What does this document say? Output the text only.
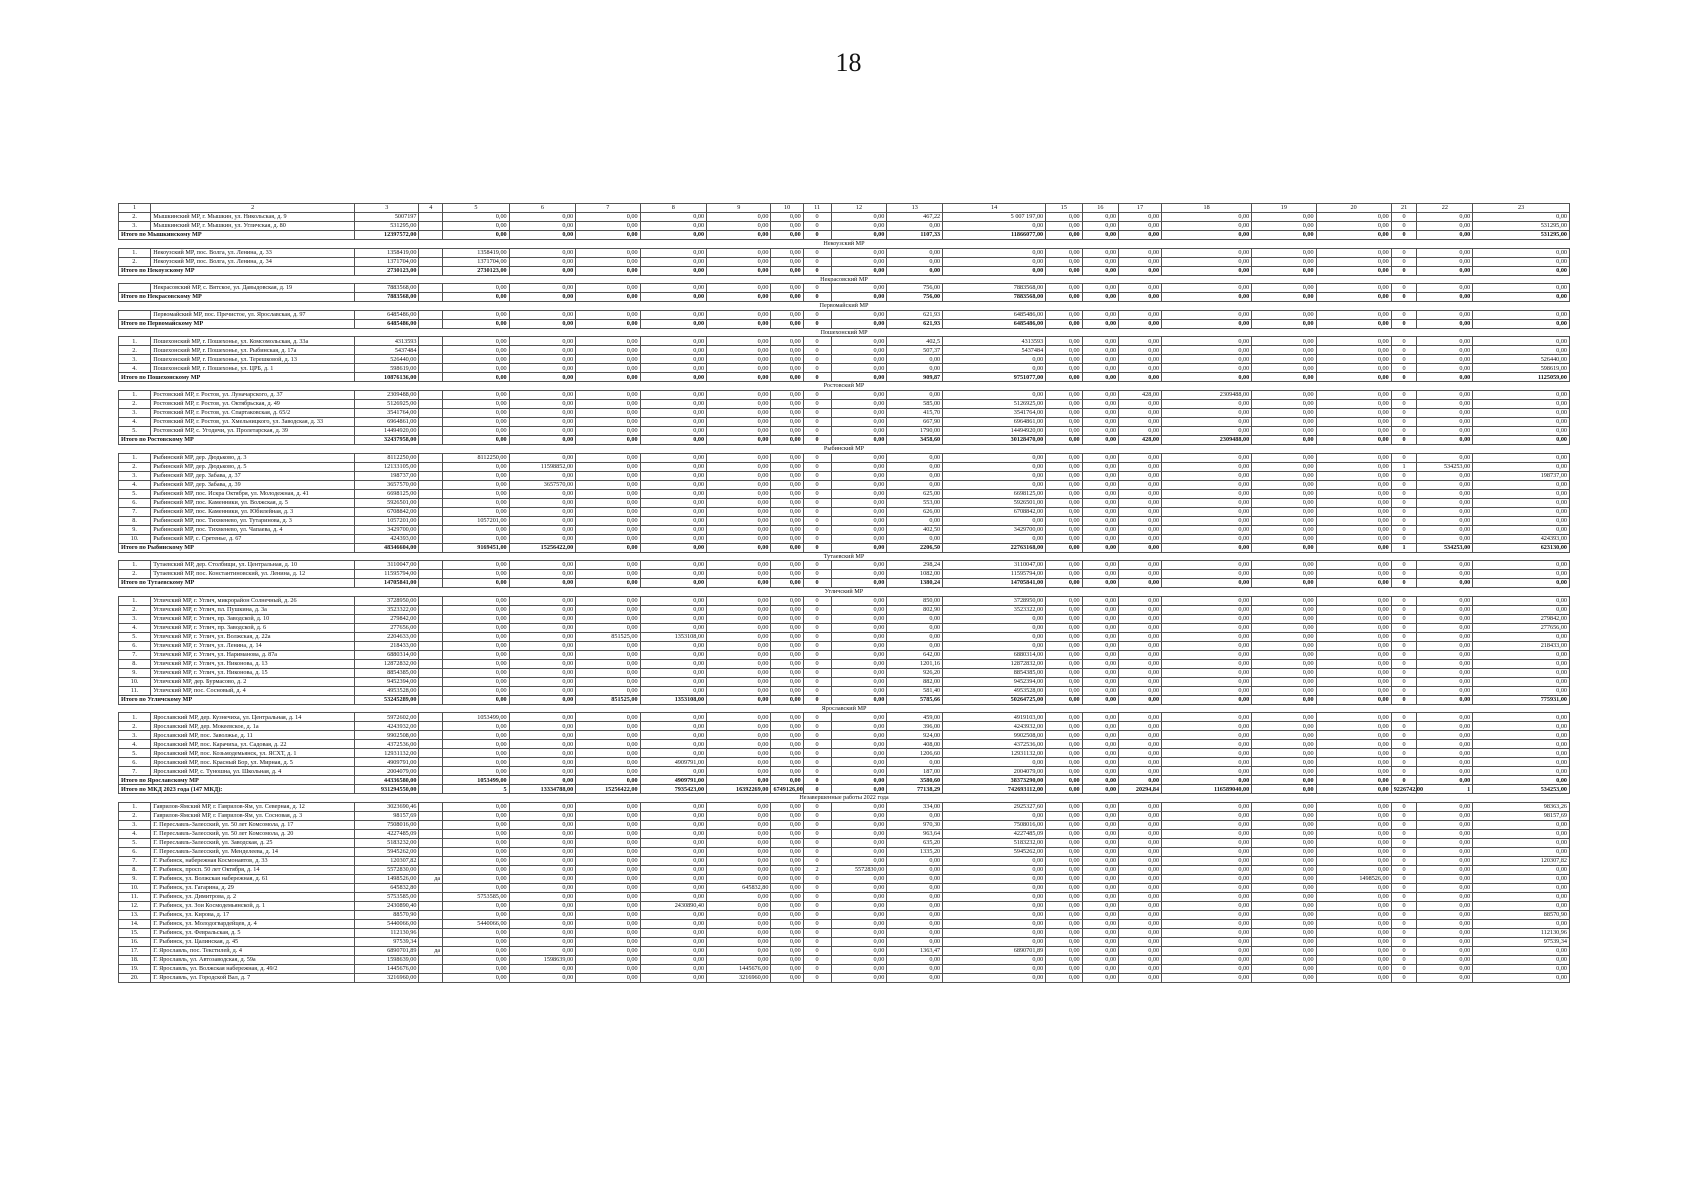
18
1	2	3	4	5	6	7	8	9	10	11	12	13	14	15	16	17	18	19	20	21	22	23
2.	Мышкинский МР, г. Мышкин, ул. Никольская, д. 9	5007197		0,00	0,00	0,00	0,00	0,00	0,00	0	0,00	467,22	5 007 197,00	0,00	0,00	0,00	0,00	0,00	0,00	0	0,00	0,00
3.	Мышкинский МР, г. Мышкин, ул. Угличская, д. 80	531295,00		0,00	0,00	0,00	0,00	0,00	0,00	0	0,00	0,00	0,00	0,00	0,00	0,00	0,00	0,00	0,00	0	0,00	531295,00
Итого по Мышкинскому МР		12397572,00		0,00	0,00	0,00	0,00	0,00	0,00	0	0,00	1107,33	11866077,00	0,00	0,00	0,00	0,00	0,00	0,00	0	0,00	531295,00
Некоузский МР																						
1.	Некоузский МР, пос. Волга, ул. Ленина, д. 33	1358419,00		1358419,00	0,00	0,00	0,00	0,00	0,00	0	0,00	0,00	0,00	0,00	0,00	0,00	0,00	0,00	0,00	0	0,00	0,00
2.	Некоузский МР, пос. Волга, ул. Ленина, д. 34	1371704,00		1371704,00	0,00	0,00	0,00	0,00	0,00	0	0,00	0,00	0,00	0,00	0,00	0,00	0,00	0,00	0,00	0	0,00	0,00
Итого по Некоузскому МР		2730123,00		2730123,00	0,00	0,00	0,00	0,00	0,00	0	0,00	0,00	0,00	0,00	0,00	0,00	0,00	0,00	0,00	0	0,00	0,00
Некрасовский МР																						
	Некрасовский МР, с. Вятское, ул. Давыдовская, д. 19	7883568,00		0,00	0,00	0,00	0,00	0,00	0,00	0	0,00	756,00	7883568,00	0,00	0,00	0,00	0,00	0,00	0,00	0	0,00	0,00
Итого по Некрасовскому МР		7883568,00		0,00	0,00	0,00	0,00	0,00	0,00	0	0,00	756,00	7883568,00	0,00	0,00	0,00	0,00	0,00	0,00	0	0,00	0,00
Первомайский МР																						
	Первомайский МР, пос. Пречистое, ул. Ярославская, д. 97	6485486,00		0,00	0,00	0,00	0,00	0,00	0,00	0	0,00	621,93	6485486,00	0,00	0,00	0,00	0,00	0,00	0,00	0	0,00	0,00
Итого по Первомайскому МР		6485486,00		0,00	0,00	0,00	0,00	0,00	0,00	0	0,00	621,93	6485486,00	0,00	0,00	0,00	0,00	0,00	0,00	0	0,00	0,00
Пошехонский МР																						
1.	Пошехонский МР, г. Пошехонье, ул. Комсомольская, д. 33а	4313593		0,00	0,00	0,00	0,00	0,00	0,00	0	0,00	402,5	4313593	0,00	0,00	0,00	0,00	0,00	0,00	0	0,00	0,00
2.	Пошехонский МР, г. Пошехонье, ул. Рыбинская, д. 17а	5437484		0,00	0,00	0,00	0,00	0,00	0,00	0	0,00	507,37	5437484	0,00	0,00	0,00	0,00	0,00	0,00	0	0,00	0,00
3.	Пошехонский МР, г. Пошехонье, ул. Терешковой, д. 13	526440,00		0,00	0,00	0,00	0,00	0,00	0,00	0	0,00	0,00	0,00	0,00	0,00	0,00	0,00	0,00	0,00	0	0,00	526440,00
4.	Пошехонский МР, г. Пошехонье, ул. ЦРБ, д. 1	598619,00		0,00	0,00	0,00	0,00	0,00	0,00	0	0,00	0,00	0,00	0,00	0,00	0,00	0,00	0,00	0,00	0	0,00	598619,00
Итого по Пошехонскому МР		10876136,00		0,00	0,00	0,00	0,00	0,00	0,00	0	0,00	909,87	9751077,00	0,00	0,00	0,00	0,00	0,00	0,00	0	0,00	1125059,00
Ростовский МР																						
1.	Ростовский МР, г. Ростов, ул. Луначарского, д. 37	2309488,00		0,00	0,00	0,00	0,00	0,00	0,00	0	0,00	0,00	0,00	0,00	0,00	428,00	2309488,00	0,00	0,00	0	0,00	0,00
2.	Ростовский МР, г. Ростов, ул. Октябрьская, д. 49	5126925,00		0,00	0,00	0,00	0,00	0,00	0,00	0	0,00	585,00	5126925,00	0,00	0,00	0,00	0,00	0,00	0,00	0	0,00	0,00
3.	Ростовский МР, г. Ростов, ул. Спартаковская, д. 65/2	3541764,00		0,00	0,00	0,00	0,00	0,00	0,00	0	0,00	415,70	3541764,00	0,00	0,00	0,00	0,00	0,00	0,00	0	0,00	0,00
4.	Ростовский МР, г. Ростов, ул. Хмельницкого, ул. Заводская, д. 33	6964861,00		0,00	0,00	0,00	0,00	0,00	0,00	0	0,00	667,90	6964861,00	0,00	0,00	0,00	0,00	0,00	0,00	0	0,00	0,00
5.	Ростовский МР, с. Угодичи, ул. Пролетарская, д. 39	14494920,00		0,00	0,00	0,00	0,00	0,00	0,00	0	0,00	1790,00	14494920,00	0,00	0,00	0,00	0,00	0,00	0,00	0	0,00	0,00
Итого по Ростовскому МР		32437958,00		0,00	0,00	0,00	0,00	0,00	0,00	0	0,00	3458,60	30128470,00	0,00	0,00	428,00	2309488,00	0,00	0,00	0	0,00	0,00
Рыбинский МР																						
1.	Рыбинский МР, дер. Дюдьково, д. 3	8112250,00		8112250,00	0,00	0,00	0,00	0,00	0,00	0	0,00	0,00	0,00	0,00	0,00	0,00	0,00	0,00	0,00	0	0,00	0,00
2.	Рыбинский МР, дер. Дюдьково, д. 5	12133105,00		0,00	11598852,00	0,00	0,00	0,00	0,00	0	0,00	0,00	0,00	0,00	0,00	0,00	0,00	0,00	0,00	1	534253,00	0,00
3.	Рыбинский МР, дер. Забава, д. 37	198737,00		0,00	0,00	0,00	0,00	0,00	0,00	0	0,00	0,00	0,00	0,00	0,00	0,00	0,00	0,00	0,00	0	0,00	198737,00
4.	Рыбинский МР, дер. Забава, д. 39	3657570,00		0,00	3657570,00	0,00	0,00	0,00	0,00	0	0,00	0,00	0,00	0,00	0,00	0,00	0,00	0,00	0,00	0	0,00	0,00
5.	Рыбинский МР, пос. Искра Октября, ул. Молодежная, д. 41	6698125,00		0,00	0,00	0,00	0,00	0,00	0,00	0	0,00	625,00	6698125,00	0,00	0,00	0,00	0,00	0,00	0,00	0	0,00	0,00
6.	Рыбинский МР, пос. Каменники, ул. Волжская, д. 5	5926501,00		0,00	0,00	0,00	0,00	0,00	0,00	0	0,00	553,00	5926501,00	0,00	0,00	0,00	0,00	0,00	0,00	0	0,00	0,00
7.	Рыбинский МР, пос. Каменники, ул. Юбилейная, д. 3	6708842,00		0,00	0,00	0,00	0,00	0,00	0,00	0	0,00	626,00	6708842,00	0,00	0,00	0,00	0,00	0,00	0,00	0	0,00	0,00
8.	Рыбинский МР, пос. Тихменево, ул. Тутаринова, д. 3	1057201,00		1057201,00	0,00	0,00	0,00	0,00	0,00	0	0,00	0,00	0,00	0,00	0,00	0,00	0,00	0,00	0,00	0	0,00	0,00
9.	Рыбинский МР, пос. Тихменево, ул. Чапаева, д. 4	3429700,00		0,00	0,00	0,00	0,00	0,00	0,00	0	0,00	402,50	3429700,00	0,00	0,00	0,00	0,00	0,00	0,00	0	0,00	0,00
10.	Рыбинский МР, с. Сретенье, д. 67	424393,00		0,00	0,00	0,00	0,00	0,00	0,00	0	0,00	0,00	0,00	0,00	0,00	0,00	0,00	0,00	0,00	0	0,00	424393,00
Итого по Рыбинскому МР		48346604,00		9169451,00	15256422,00	0,00	0,00	0,00	0,00	0	0,00	2206,50	22763168,00	0,00	0,00	0,00	0,00	0,00	0,00	1	534253,00	623130,00
Тутаевский МР																						
1.	Тутаевский МР, дер. Столбищи, ул. Центральная, д. 10	3110047,00		0,00	0,00	0,00	0,00	0,00	0,00	0	0,00	298,24	3110047,00	0,00	0,00	0,00	0,00	0,00	0,00	0	0,00	0,00
2.	Тутаевский МР, пос. Константиновский, ул. Ленина, д. 12	11595794,00		0,00	0,00	0,00	0,00	0,00	0,00	0	0,00	1082,00	11595794,00	0,00	0,00	0,00	0,00	0,00	0,00	0	0,00	0,00
Итого по Тутаевскому МР		14705841,00		0,00	0,00	0,00	0,00	0,00	0,00	0	0,00	1380,24	14705841,00	0,00	0,00	0,00	0,00	0,00	0,00	0	0,00	0,00
Угличский МР																						
1.	Угличский МР, г. Углич, микрорайон Солнечный, д. 26	3728950,00		0,00	0,00	0,00	0,00	0,00	0,00	0	0,00	850,00	3728950,00	0,00	0,00	0,00	0,00	0,00	0,00	0	0,00	0,00
2.	Угличский МР, г. Углич, пл. Пушкина, д. 3а	3523322,00		0,00	0,00	0,00	0,00	0,00	0,00	0	0,00	802,90	3523322,00	0,00	0,00	0,00	0,00	0,00	0,00	0	0,00	0,00
3.	Угличский МР, г. Углич, пр. Заводской, д. 10	279842,00		0,00	0,00	0,00	0,00	0,00	0,00	0	0,00	0,00	0,00	0,00	0,00	0,00	0,00	0,00	0,00	0	0,00	279842,00
4.	Угличский МР, г. Углич, пр. Заводской, д. 6	277656,00		0,00	0,00	0,00	0,00	0,00	0,00	0	0,00	0,00	0,00	0,00	0,00	0,00	0,00	0,00	0,00	0	0,00	277656,00
5.	Угличский МР, г. Углич, ул. Волжская, д. 22а	2204633,00		0,00	0,00	851525,00	1353108,00	0,00	0,00	0	0,00	0,00	0,00	0,00	0,00	0,00	0,00	0,00	0,00	0	0,00	0,00
6.	Угличский МР, г. Углич, ул. Ленина, д. 14	218433,00		0,00	0,00	0,00	0,00	0,00	0,00	0	0,00	0,00	0,00	0,00	0,00	0,00	0,00	0,00	0,00	0	0,00	218433,00
7.	Угличский МР, г. Углич, ул. Нариманова, д. 87а	6880314,00		0,00	0,00	0,00	0,00	0,00	0,00	0	0,00	642,00	6880314,00	0,00	0,00	0,00	0,00	0,00	0,00	0	0,00	0,00
8.	Угличский МР, г. Углич, ул. Никонова, д. 13	12872832,00		0,00	0,00	0,00	0,00	0,00	0,00	0	0,00	1201,16	12872832,00	0,00	0,00	0,00	0,00	0,00	0,00	0	0,00	0,00
9.	Угличский МР, г. Углич, ул. Никонова, д. 15	8854385,00		0,00	0,00	0,00	0,00	0,00	0,00	0	0,00	926,20	8854385,00	0,00	0,00	0,00	0,00	0,00	0,00	0	0,00	0,00
10.	Угличский МР, дер. Бурмасово, д. 2	9452394,00		0,00	0,00	0,00	0,00	0,00	0,00	0	0,00	882,00	9452394,00	0,00	0,00	0,00	0,00	0,00	0,00	0	0,00	0,00
11.	Угличский МР, пос. Сосновый, д. 4	4953528,00		0,00	0,00	0,00	0,00	0,00	0,00	0	0,00	581,40	4953528,00	0,00	0,00	0,00	0,00	0,00	0,00	0	0,00	0,00
Итого по Угличскому МР		53245289,00		0,00	0,00	851525,00	1353108,00	0,00	0,00	0	0,00	5785,66	50264725,00	0,00	0,00	0,00	0,00	0,00	0,00	0	0,00	775931,00
Ярославский МР																						
1.	Ярославский МР, дер. Кузнечиха, ул. Центральная, д. 14	5972602,00		1053499,00	0,00	0,00	0,00	0,00	0,00	0	0,00	459,00	4919103,00	0,00	0,00	0,00	0,00	0,00	0,00	0	0,00	0,00
2.	Ярославский МР, дер. Мокеевское, д. 1а	4243932,00		0,00	0,00	0,00	0,00	0,00	0,00	0	0,00	396,00	4243932,00	0,00	0,00	0,00	0,00	0,00	0,00	0	0,00	0,00
3.	Ярославский МР, пос. Заволжье, д. 11	9902508,00		0,00	0,00	0,00	0,00	0,00	0,00	0	0,00	924,00	9902508,00	0,00	0,00	0,00	0,00	0,00	0,00	0	0,00	0,00
4.	Ярославский МР, пос. Карачиха, ул. Садовая, д. 22	4372536,00		0,00	0,00	0,00	0,00	0,00	0,00	0	0,00	408,00	4372536,00	0,00	0,00	0,00	0,00	0,00	0,00	0	0,00	0,00
5.	Ярославский МР, пос. Козьмодемьянск, ул. ЯСХТ, д. 1	12931132,00		0,00	0,00	0,00	0,00	0,00	0,00	0	0,00	1206,60	12931132,00	0,00	0,00	0,00	0,00	0,00	0,00	0	0,00	0,00
6.	Ярославский МР, пос. Красный Бор, ул. Мирная, д. 5	4909791,00		0,00	0,00	0,00	4909791,00	0,00	0,00	0	0,00	0,00	0,00	0,00	0,00	0,00	0,00	0,00	0,00	0	0,00	0,00
7.	Ярославский МР, с. Туношна, ул. Школьная, д. 4	2004079,00		0,00	0,00	0,00	0,00	0,00	0,00	0	0,00	187,00	2004079,00	0,00	0,00	0,00	0,00	0,00	0,00	0	0,00	0,00
Итого по Ярославскому МР		44336580,00		1053499,00	0,00	0,00	4909791,00	0,00	0,00	0	0,00	3580,60	38373290,00	0,00	0,00	0,00	0,00	0,00	0,00	0	0,00	0,00
Итого по МКД 2023 года (147 МКД):		931294550,00		5	13334788,00	15256422,00	7935423,00	16392269,00	6749126,00	0	0,00	77138,29	742693112,00	0,00	0,00	20294,84	116589040,00	0,00	0,00	9226742,00	1	534253,00
Незавершенные работы 2022 года																						
1.	Гаврилов-Ямский МР, г. Гаврилов-Ям, ул. Северная, д. 12	3023690,46		0,00	0,00	0,00	0,00	0,00	0,00	0	0,00	334,00	2925327,60	0,00	0,00	0,00	0,00	0,00	0,00	0	0,00	98363,26
2.	Гаврилов-Ямский МР, г. Гаврилов-Ям, ул. Сосновая, д. 3	98157,69		0,00	0,00	0,00	0,00	0,00	0,00	0	0,00	0,00	0,00	0,00	0,00	0,00	0,00	0,00	0,00	0	0,00	98157,69
3.	Г. Переславль-Залесский, ул. 50 лет Комсомола, д. 17	7508016,00		0,00	0,00	0,00	0,00	0,00	0,00	0	0,00	970,30	7508016,00	0,00	0,00	0,00	0,00	0,00	0,00	0	0,00	0,00
4.	Г. Переславль-Залесский, ул. 50 лет Комсомола, д. 20	4227485,09		0,00	0,00	0,00	0,00	0,00	0,00	0	0,00	963,64	4227485,09	0,00	0,00	0,00	0,00	0,00	0,00	0	0,00	0,00
5.	Г. Переславль-Залесский, ул. Заводская, д. 25	5183232,00		0,00	0,00	0,00	0,00	0,00	0,00	0	0,00	635,20	5183232,00	0,00	0,00	0,00	0,00	0,00	0,00	0	0,00	0,00
6.	Г. Переславль-Залесский, ул. Менделеева, д. 14	5945262,00		0,00	0,00	0,00	0,00	0,00	0,00	0	0,00	1335,20	5945262,00	0,00	0,00	0,00	0,00	0,00	0,00	0	0,00	0,00
7.	Г. Рыбинск, набережная Космонавтов, д. 33	120307,82		0,00	0,00	0,00	0,00	0,00	0,00	0	0,00	0,00	0,00	0,00	0,00	0,00	0,00	0,00	0,00	0	0,00	120307,82
8.	Г. Рыбинск, просп. 50 лет Октября, д. 14	5572830,00		0,00	0,00	0,00	0,00	0,00	0,00	2	5572830,00	0,00	0,00	0,00	0,00	0,00	0,00	0,00	0,00	0	0,00	0,00
9.	Г. Рыбинск, ул. Волжская набережная, д. 61	1498526,00	да	0,00	0,00	0,00	0,00	0,00	0,00	0	0,00	0,00	0,00	0,00	0,00	0,00	0,00	0,00	1498526,00	0	0,00	0,00
10.	Г. Рыбинск, ул. Гагарина, д. 29	645832,80		0,00	0,00	0,00	0,00	645832,80	0,00	0	0,00	0,00	0,00	0,00	0,00	0,00	0,00	0,00	0,00	0	0,00	0,00
11.	Г. Рыбинск, ул. Димитрова, д. 2	5753585,00		5753585,00	0,00	0,00	0,00	0,00	0,00	0	0,00	0,00	0,00	0,00	0,00	0,00	0,00	0,00	0,00	0	0,00	0,00
12.	Г. Рыбинск, ул. Зои Космодемьянской, д. 1	2430890,40		0,00	0,00	0,00	2430890,40	0,00	0,00	0	0,00	0,00	0,00	0,00	0,00	0,00	0,00	0,00	0,00	0	0,00	0,00
13.	Г. Рыбинск, ул. Кирова, д. 17	88570,90		0,00	0,00	0,00	0,00	0,00	0,00	0	0,00	0,00	0,00	0,00	0,00	0,00	0,00	0,00	0,00	0	0,00	88570,90
14.	Г. Рыбинск, ул. Молодогвардейцев, д. 4	5440066,00		5440066,00	0,00	0,00	0,00	0,00	0,00	0	0,00	0,00	0,00	0,00	0,00	0,00	0,00	0,00	0,00	0	0,00	0,00
15.	Г. Рыбинск, ул. Февральская, д. 5	112130,96		0,00	0,00	0,00	0,00	0,00	0,00	0	0,00	0,00	0,00	0,00	0,00	0,00	0,00	0,00	0,00	0	0,00	112130,96
16.	Г. Рыбинск, ул. Цалинская, д. 45	97539,34		0,00	0,00	0,00	0,00	0,00	0,00	0	0,00	0,00	0,00	0,00	0,00	0,00	0,00	0,00	0,00	0	0,00	97539,34
17.	Г. Ярославль, пос. Текстилей, д. 4	6890701,89	да	0,00	0,00	0,00	0,00	0,00	0,00	0	0,00	1363,47	6890701,89	0,00	0,00	0,00	0,00	0,00	0,00	0	0,00	0,00
18.	Г. Ярославль, ул. Автозаводская, д. 59а	1598639,00		0,00	1598639,00	0,00	0,00	0,00	0,00	0	0,00	0,00	0,00	0,00	0,00	0,00	0,00	0,00	0,00	0	0,00	0,00
19.	Г. Ярославль, ул. Волжская набережная, д. 49/2	1445676,00		0,00	0,00	0,00	0,00	1445676,00	0,00	0	0,00	0,00	0,00	0,00	0,00	0,00	0,00	0,00	0,00	0	0,00	0,00
20.	Г. Ярославль, ул. Городской Вал, д. 7	3216960,00		0,00	0,00	0,00	0,00	3216960,00	0,00	0	0,00	0,00	0,00	0,00	0,00	0,00	0,00	0,00	0,00	0	0,00	0,00
